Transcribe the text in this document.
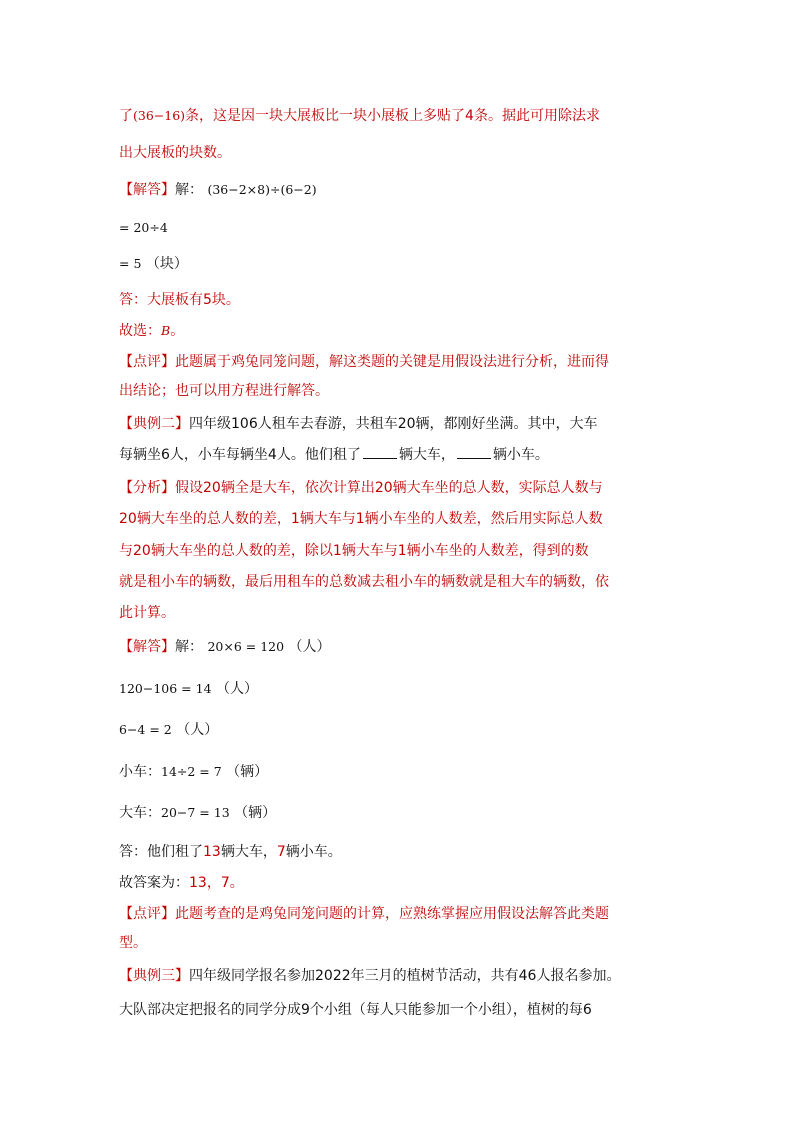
了(36−16)条，这是因一块大展板比一块小展板上多贴了4条。据此可用除法求
出大展板的块数。
【解答】解： (36−2×8)÷(6−2)
= 20÷4
= 5 （块）
答：大展板有5块。
故选：B。
【点评】此题属于鸡兔同笼问题，解这类题的关键是用假设法进行分析，进而得
出结论；也可以用方程进行解答。
【典例二】四年级106人租车去春游，共租车20辆，都刚好坐满。其中，大车
每辆坐6人，小车每辆坐4人。他们租了	辆大车，	辆小车。
【分析】假设20辆全是大车，依次计算出20辆大车坐的总人数，实际总人数与
20辆大车坐的总人数的差，1辆大车与1辆小车坐的人数差，然后用实际总人数
与20辆大车坐的总人数的差，除以1辆大车与1辆小车坐的人数差，得到的数
就是租小车的辆数，最后用租车的总数减去租小车的辆数就是租大车的辆数，依
此计算。
【解答】解： 20×6 = 120 （人）
120−106 = 14 （人）
6−4 = 2 （人）
小车：14÷2 = 7 （辆）
大车：20−7 = 13 （辆）
答：他们租了13辆大车，7辆小车。
故答案为：13，7。
【点评】此题考查的是鸡兔同笼问题的计算，应熟练掌握应用假设法解答此类题
型。
【典例三】四年级同学报名参加2022年三月的植树节活动，共有46人报名参加。
大队部决定把报名的同学分成9个小组（每人只能参加一个小组），植树的每6
